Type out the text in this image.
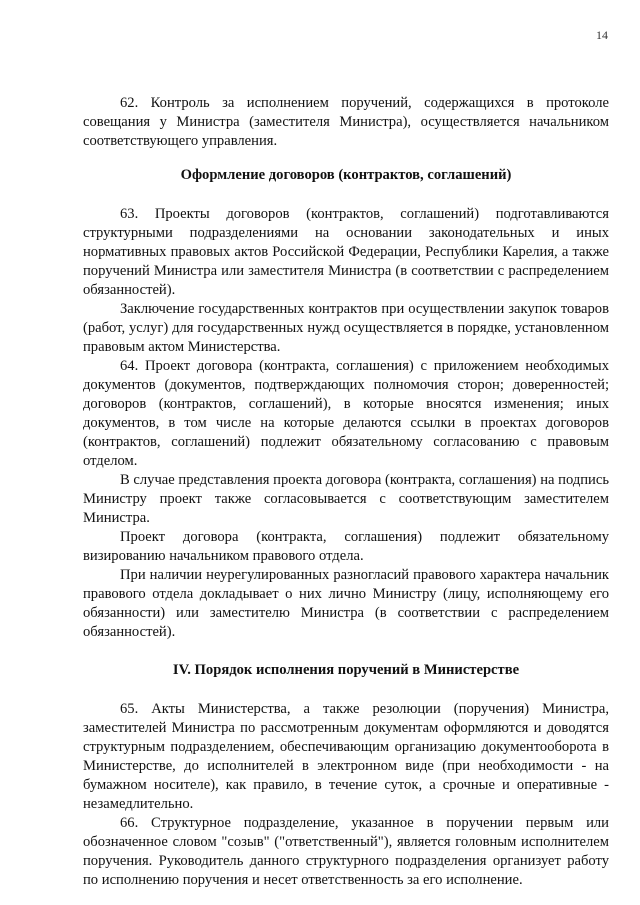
14

62. Контроль за исполнением поручений, содержащихся в протоколе совещания у Министра (заместителя Министра), осуществляется начальником соответствующего управления.

Оформление договоров (контрактов, соглашений)

63. Проекты договоров (контрактов, соглашений) подготавливаются структурными подразделениями на основании законодательных и иных нормативных правовых актов Российской Федерации, Республики Карелия, а также поручений Министра или заместителя Министра (в соответствии с распределением обязанностей).

Заключение государственных контрактов при осуществлении закупок товаров (работ, услуг) для государственных нужд осуществляется в порядке, установленном правовым актом Министерства.

64. Проект договора (контракта, соглашения) с приложением необходимых документов (документов, подтверждающих полномочия сторон; доверенностей; договоров (контрактов, соглашений), в которые вносятся изменения; иных документов, в том числе на которые делаются ссылки в проектах договоров (контрактов, соглашений) подлежит обязательному согласованию с правовым отделом.

В случае представления проекта договора (контракта, соглашения) на подпись Министру проект также согласовывается с соответствующим заместителем Министра.

Проект договора (контракта, соглашения) подлежит обязательному визированию начальником правового отдела.

При наличии неурегулированных разногласий правового характера начальник правового отдела докладывает о них лично Министру (лицу, исполняющему его обязанности) или заместителю Министра (в соответствии с распределением обязанностей).

IV. Порядок исполнения поручений в Министерстве

65. Акты Министерства, а также резолюции (поручения) Министра, заместителей Министра по рассмотренным документам оформляются и доводятся структурным подразделением, обеспечивающим организацию документооборота в Министерстве, до исполнителей в электронном виде (при необходимости - на бумажном носителе), как правило, в течение суток, а срочные и оперативные - незамедлительно.

66. Структурное подразделение, указанное в поручении первым или обозначенное словом "созыв" ("ответственный"), является головным исполнителем поручения. Руководитель данного структурного подразделения организует работу по исполнению поручения и несет ответственность за его исполнение.
